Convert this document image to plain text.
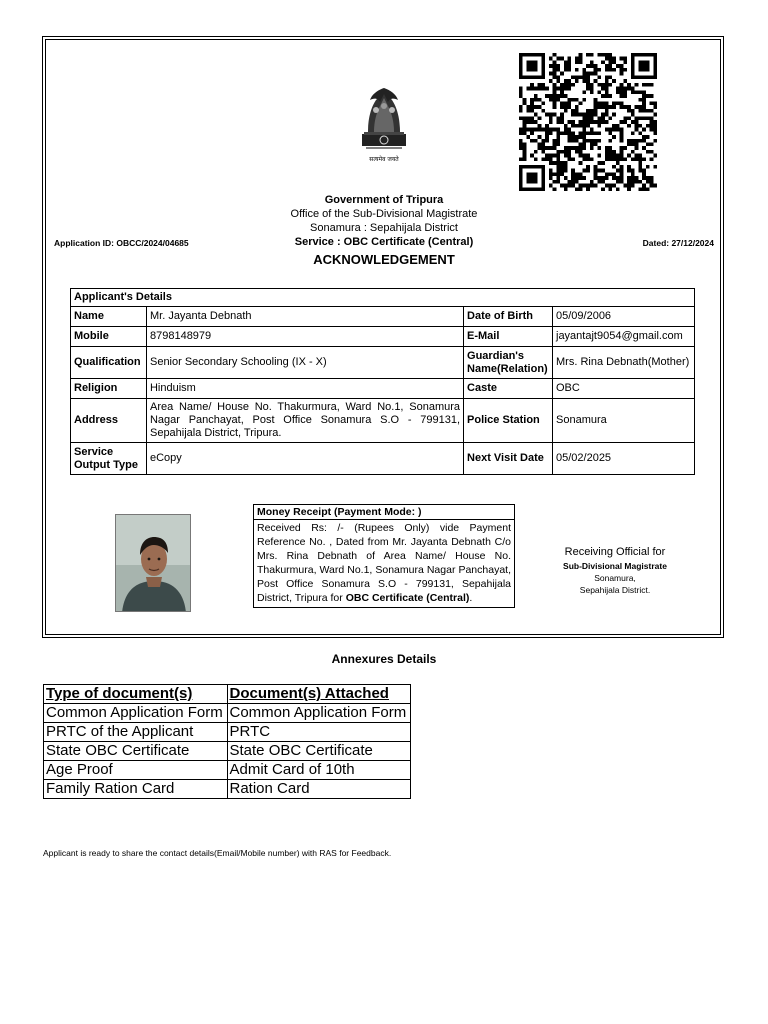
सत्यमेव जयते
Government of Tripura
Office of the Sub-Divisional Magistrate
Sonamura : Sepahijala District
Service : OBC Certificate (Central)
Application ID: OBCC/2024/04685	Dated: 27/12/2024
ACKNOWLEDGEMENT
Applicant's Details			
Name	Mr. Jayanta Debnath	Date of Birth	05/09/2006
Mobile	8798148979	E-Mail	jayantajt9054@gmail.com
Qualification	Senior Secondary Schooling (IX - X)	Guardian's Name(Relation)	Mrs. Rina Debnath(Mother)
Religion	Hinduism	Caste	OBC
Address	Area Name/ House No. Thakurmura, Ward No.1, Sonamura Nagar Panchayat, Post Office Sonamura S.O - 799131, Sepahijala District, Tripura.	Police Station	Sonamura
Service Output Type	eCopy	Next Visit Date	05/02/2025
Money Receipt (Payment Mode: )
Received Rs: /- (Rupees Only) vide Payment Reference No. , Dated from Mr. Jayanta Debnath C/o Mrs. Rina Debnath of Area Name/ House No. Thakurmura, Ward No.1, Sonamura Nagar Panchayat, Post Office Sonamura S.O - 799131, Sepahijala District, Tripura for OBC Certificate (Central).
Receiving Official for
Sub-Divisional Magistrate
Sonamura,
Sepahijala District.
Annexures Details
Type of document(s)	Document(s) Attached
Common Application Form	Common Application Form
PRTC of the Applicant	PRTC
State OBC Certificate	State OBC Certificate
Age Proof	Admit Card of 10th
Family Ration Card	Ration Card
Applicant is ready to share the contact details(Email/Mobile number) with RAS for Feedback.
